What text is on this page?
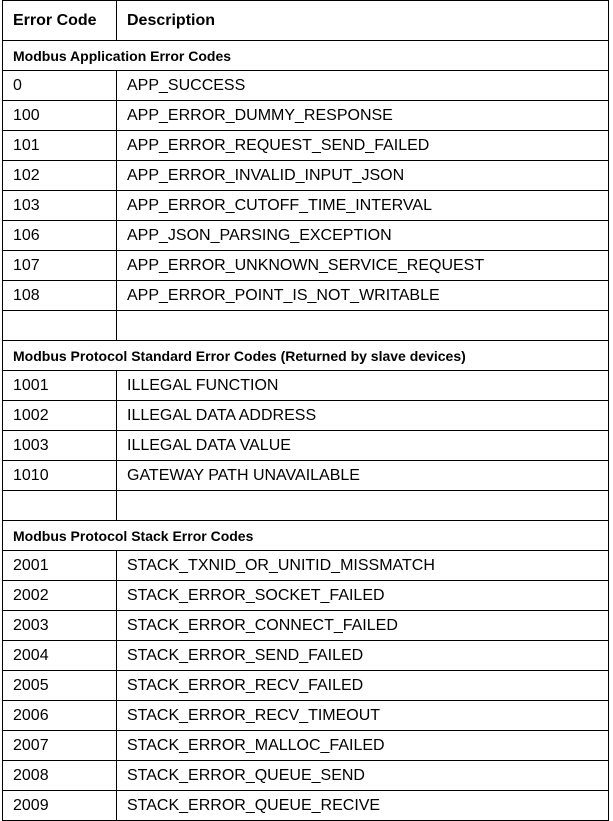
Error Code	Description
Modbus Application Error Codes	
0	APP_SUCCESS
100	APP_ERROR_DUMMY_RESPONSE
101	APP_ERROR_REQUEST_SEND_FAILED
102	APP_ERROR_INVALID_INPUT_JSON
103	APP_ERROR_CUTOFF_TIME_INTERVAL
106	APP_JSON_PARSING_EXCEPTION
107	APP_ERROR_UNKNOWN_SERVICE_REQUEST
108	APP_ERROR_POINT_IS_NOT_WRITABLE

Modbus Protocol Standard Error Codes (Returned by slave devices)	
1001	ILLEGAL FUNCTION
1002	ILLEGAL DATA ADDRESS
1003	ILLEGAL DATA VALUE
1010	GATEWAY PATH UNAVAILABLE

Modbus Protocol Stack Error Codes	
2001	STACK_TXNID_OR_UNITID_MISSMATCH
2002	STACK_ERROR_SOCKET_FAILED
2003	STACK_ERROR_CONNECT_FAILED
2004	STACK_ERROR_SEND_FAILED
2005	STACK_ERROR_RECV_FAILED
2006	STACK_ERROR_RECV_TIMEOUT
2007	STACK_ERROR_MALLOC_FAILED
2008	STACK_ERROR_QUEUE_SEND
2009	STACK_ERROR_QUEUE_RECIVE
